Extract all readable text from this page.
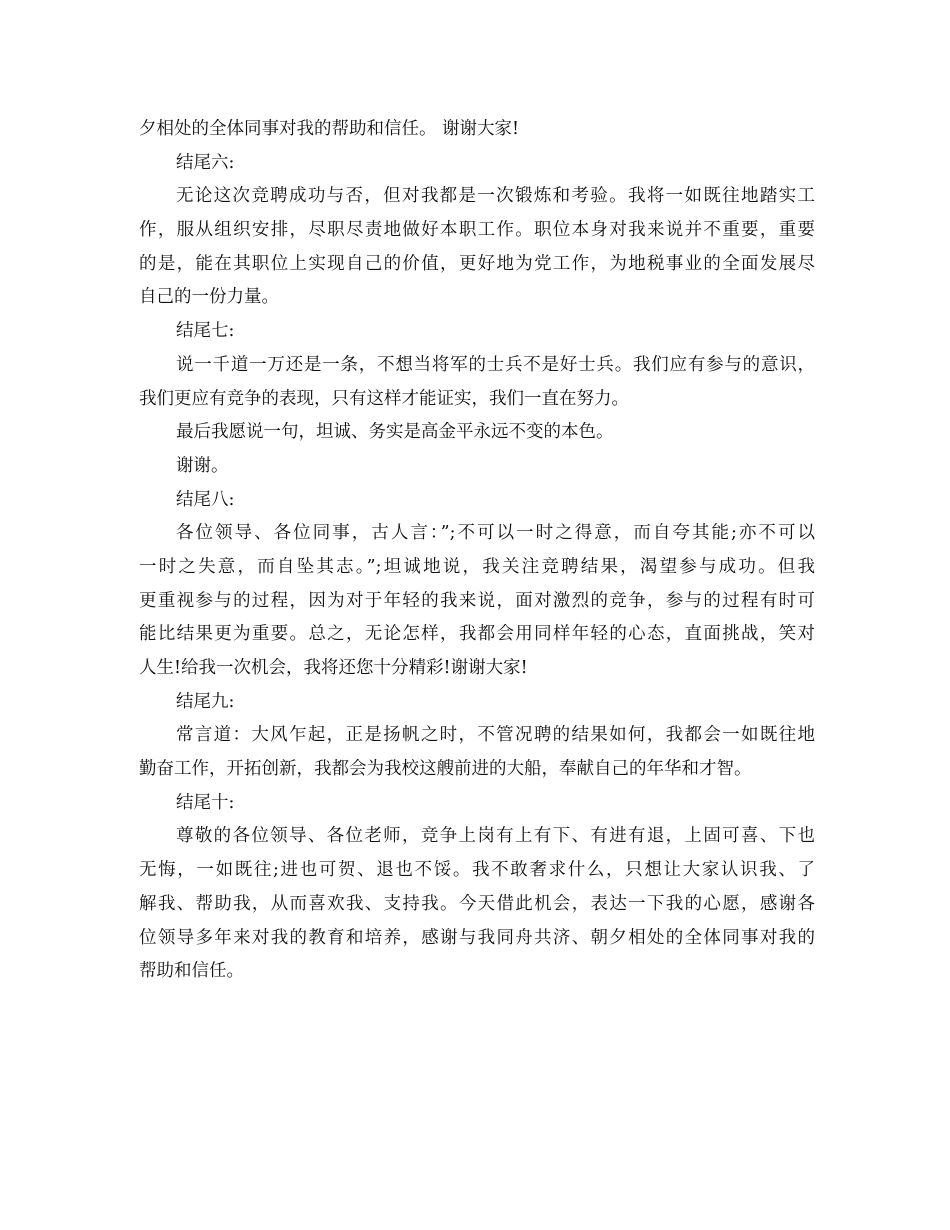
夕相处的全体同事对我的帮助和信任。 谢谢大家!
结尾六:
无论这次竞聘成功与否，但对我都是一次锻炼和考验。我将一如既往地踏实工
作，服从组织安排，尽职尽责地做好本职工作。职位本身对我来说并不重要，重要
的是，能在其职位上实现自己的价值，更好地为党工作，为地税事业的全面发展尽
自己的一份力量。
结尾七:
说一千道一万还是一条，不想当将军的士兵不是好士兵。我们应有参与的意识，
我们更应有竞争的表现，只有这样才能证实，我们一直在努力。
最后我愿说一句，坦诚、务实是高金平永远不变的本色。
谢谢。
结尾八:
各位领导、各位同事，古人言：”;不可以一时之得意，而自夸其能;亦不可以
一时之失意，而自坠其志。”;坦诚地说，我关注竞聘结果，渴望参与成功。但我
更重视参与的过程，因为对于年轻的我来说，面对激烈的竞争，参与的过程有时可
能比结果更为重要。总之，无论怎样，我都会用同样年轻的心态，直面挑战，笑对
人生!给我一次机会，我将还您十分精彩!谢谢大家!
结尾九:
常言道：大风乍起，正是扬帆之时，不管况聘的结果如何，我都会一如既往地
勤奋工作，开拓创新，我都会为我校这艘前进的大船，奉献自己的年华和才智。
结尾十:
尊敬的各位领导、各位老师，竞争上岗有上有下、有进有退，上固可喜、下也
无悔，一如既往;进也可贺、退也不馁。我不敢奢求什么，只想让大家认识我、了
解我、帮助我，从而喜欢我、支持我。今天借此机会，表达一下我的心愿，感谢各
位领导多年来对我的教育和培养，感谢与我同舟共济、朝夕相处的全体同事对我的
帮助和信任。
